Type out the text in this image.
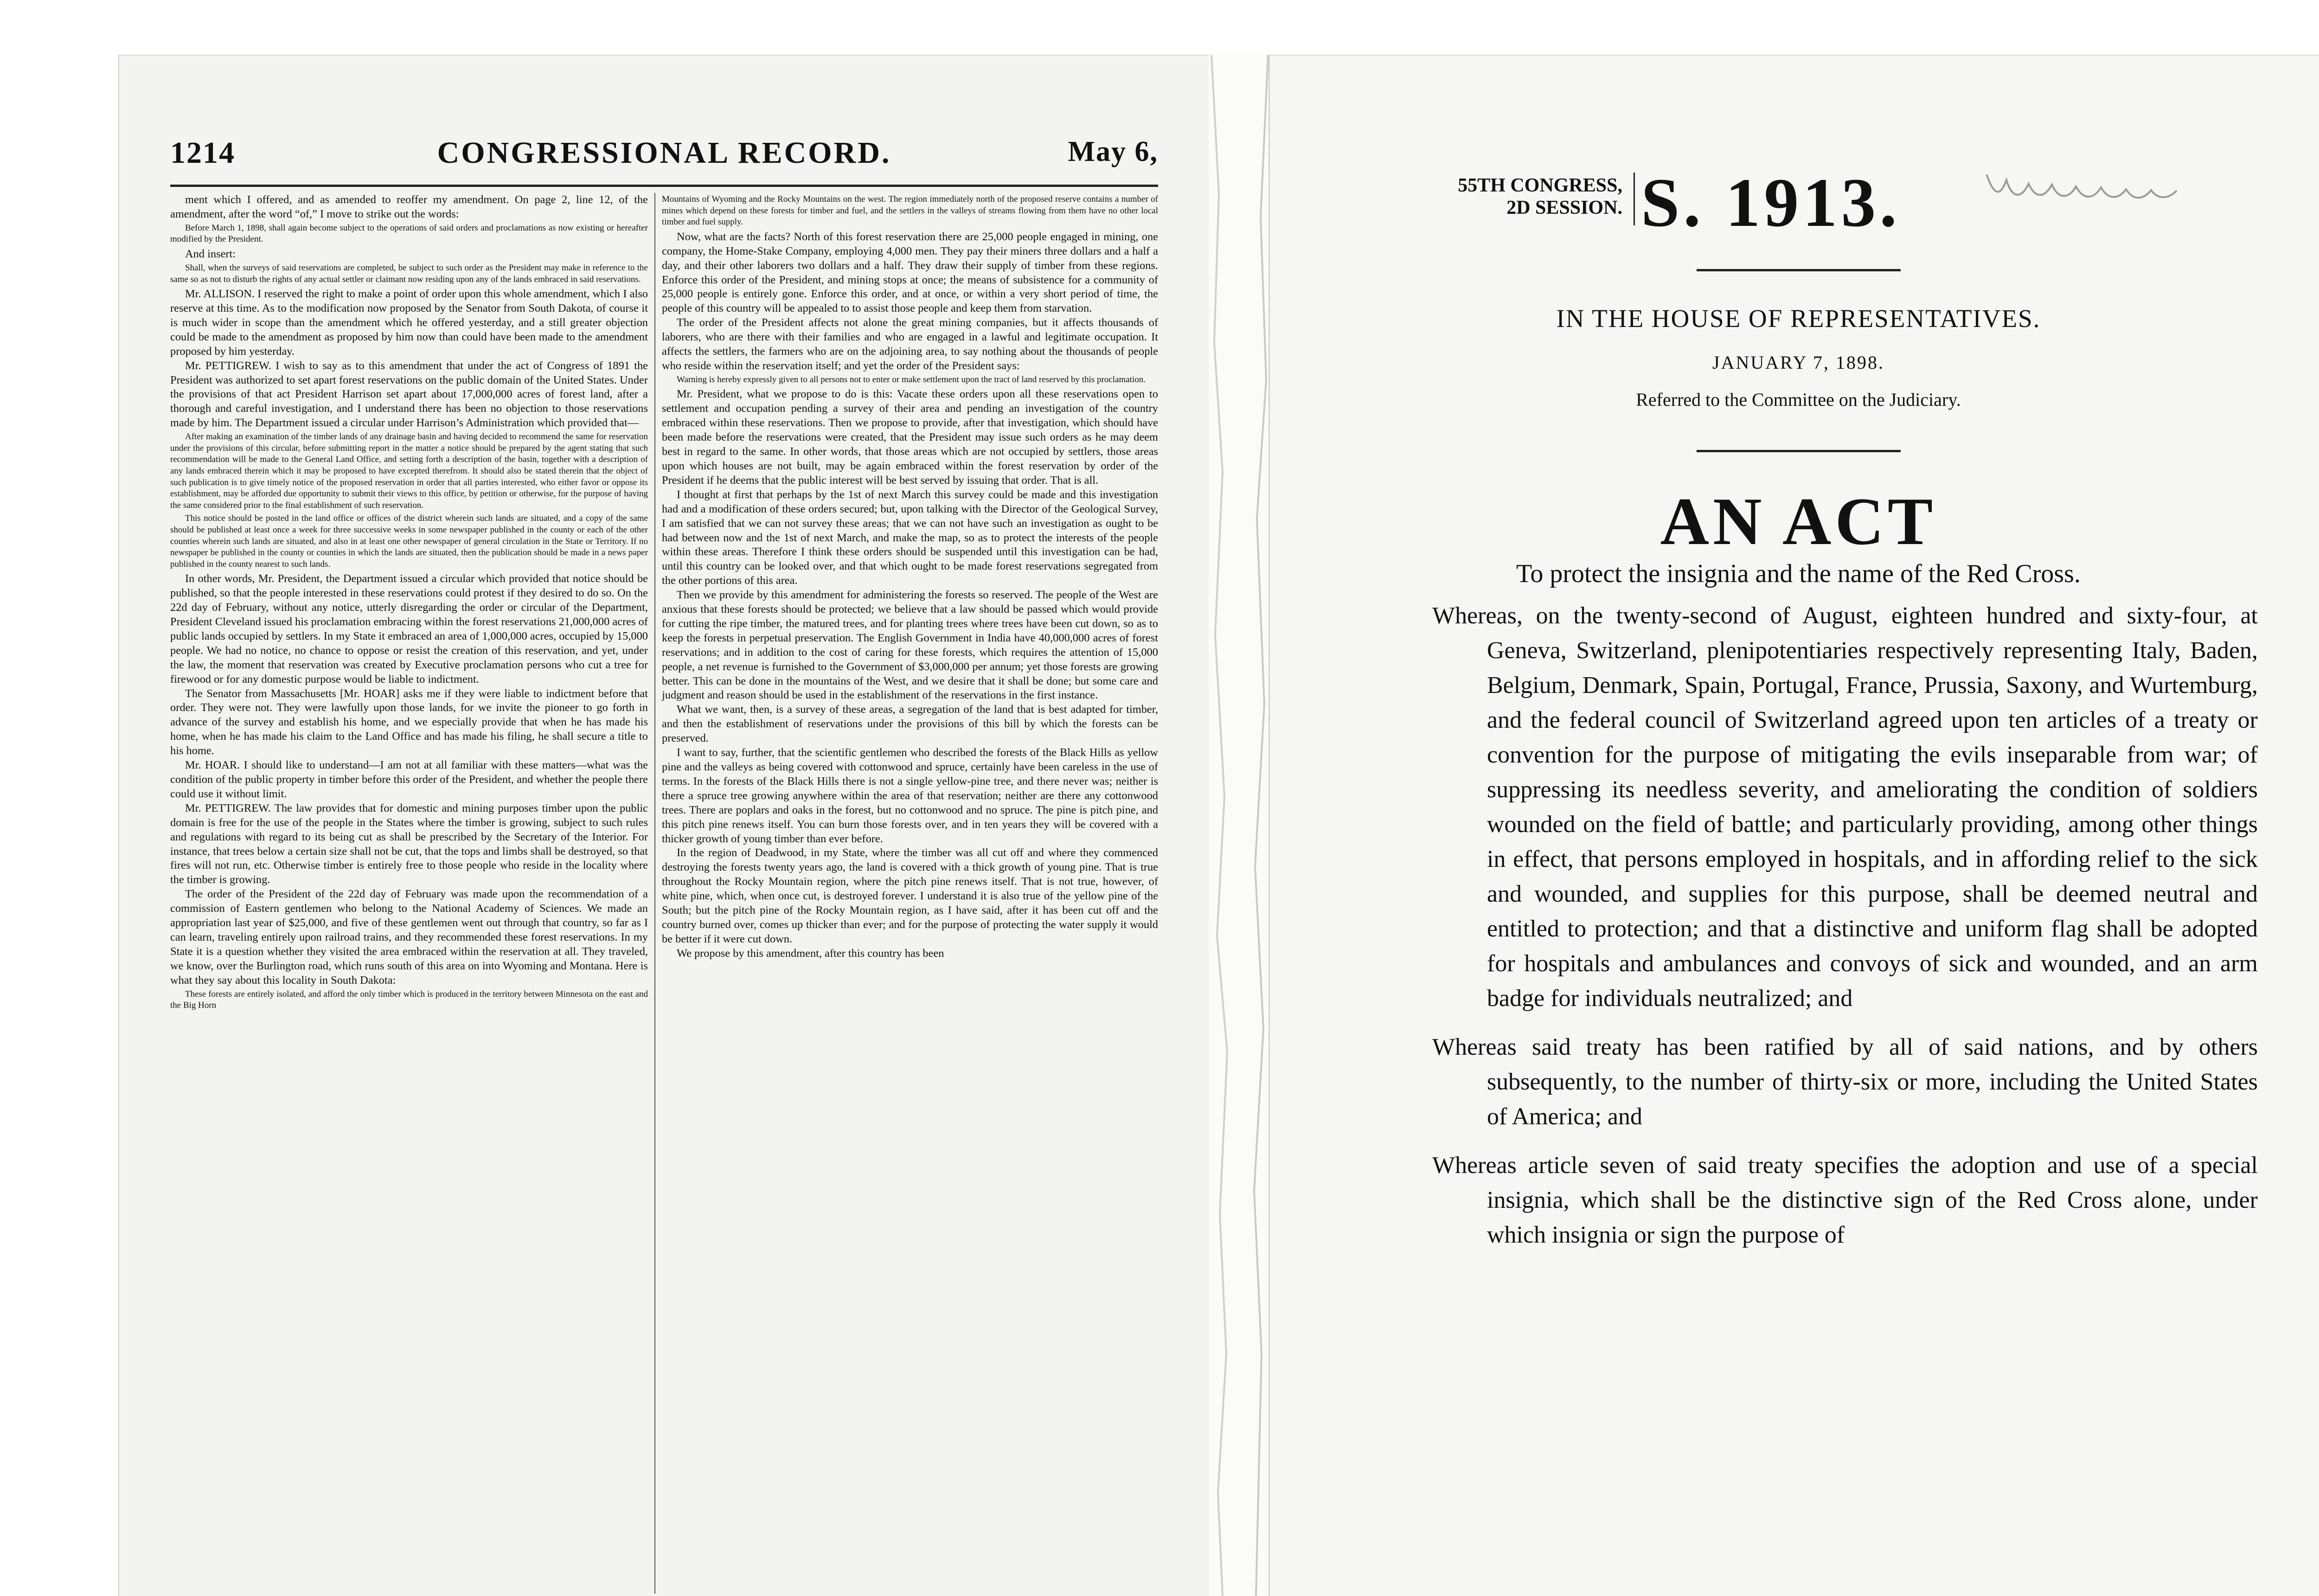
1214	CONGRESSIONAL RECORD.	May 6,

ment which I offered, and as amended to reoffer my amendment. On page 2, line 12, of the amendment, after the word “of,” I move to strike out the words:

Before March 1, 1898, shall again become subject to the operations of said orders and proclamations as now existing or hereafter modified by the President.

And insert:

Shall, when the surveys of said reservations are completed, be subject to such order as the President may make in reference to the same so as not to disturb the rights of any actual settler or claimant now residing upon any of the lands embraced in said reservations.

Mr. ALLISON. I reserved the right to make a point of order upon this whole amendment, which I also reserve at this time. As to the modification now proposed by the Senator from South Dakota, of course it is much wider in scope than the amendment which he offered yesterday, and a still greater objection could be made to the amendment as proposed by him now than could have been made to the amendment proposed by him yesterday.

Mr. PETTIGREW. I wish to say as to this amendment that under the act of Congress of 1891 the President was authorized to set apart forest reservations on the public domain of the United States. Under the provisions of that act President Harrison set apart about 17,000,000 acres of forest land, after a thorough and careful investigation, and I understand there has been no objection to those reservations made by him. The Department issued a circular under Harrison’s Administration which provided that—

After making an examination of the timber lands of any drainage basin and having decided to recommend the same for reservation under the provisions of this circular, before submitting report in the matter a notice should be prepared by the agent stating that such recommendation will be made to the General Land Office, and setting forth a description of the basin, together with a description of any lands embraced therein which it may be proposed to have excepted therefrom. It should also be stated therein that the object of such publication is to give timely notice of the proposed reservation in order that all parties interested, who either favor or oppose its establishment, may be afforded due opportunity to submit their views to this office, by petition or otherwise, for the purpose of having the same considered prior to the final establishment of such reservation.

This notice should be posted in the land office or offices of the district wherein such lands are situated, and a copy of the same should be published at least once a week for three successive weeks in some newspaper published in the county or each of the other counties wherein such lands are situated, and also in at least one other newspaper of general circulation in the State or Territory. If no newspaper be published in the county or counties in which the lands are situated, then the publication should be made in a news paper published in the county nearest to such lands.

In other words, Mr. President, the Department issued a circular which provided that notice should be published, so that the people interested in these reservations could protest if they desired to do so. On the 22d day of February, without any notice, utterly disregarding the order or circular of the Department, President Cleveland issued his proclamation embracing within the forest reservations 21,000,000 acres of public lands occupied by settlers. In my State it embraced an area of 1,000,000 acres, occupied by 15,000 people. We had no notice, no chance to oppose or resist the creation of this reservation, and yet, under the law, the moment that reservation was created by Executive proclamation persons who cut a tree for firewood or for any domestic purpose would be liable to indictment.

The Senator from Massachusetts [Mr. HOAR] asks me if they were liable to indictment before that order. They were not. They were lawfully upon those lands, for we invite the pioneer to go forth in advance of the survey and establish his home, and we especially provide that when he has made his home, when he has made his claim to the Land Office and has made his filing, he shall secure a title to his home.

Mr. HOAR. I should like to understand—I am not at all familiar with these matters—what was the condition of the public property in timber before this order of the President, and whether the people there could use it without limit.

Mr. PETTIGREW. The law provides that for domestic and mining purposes timber upon the public domain is free for the use of the people in the States where the timber is growing, subject to such rules and regulations with regard to its being cut as shall be prescribed by the Secretary of the Interior. For instance, that trees below a certain size shall not be cut, that the tops and limbs shall be destroyed, so that fires will not run, etc. Otherwise timber is entirely free to those people who reside in the locality where the timber is growing.

The order of the President of the 22d day of February was made upon the recommendation of a commission of Eastern gentlemen who belong to the National Academy of Sciences. We made an appropriation last year of $25,000, and five of these gentlemen went out through that country, so far as I can learn, traveling entirely upon railroad trains, and they recommended these forest reservations. In my State it is a question whether they visited the area embraced within the reservation at all. They traveled, we know, over the Burlington road, which runs south of this area on into Wyoming and Montana. Here is what they say about this locality in South Dakota:

These forests are entirely isolated, and afford the only timber which is produced in the territory between Minnesota on the east and the Big Horn

Mountains of Wyoming and the Rocky Mountains on the west. The region immediately north of the proposed reserve contains a number of mines which depend on these forests for timber and fuel, and the settlers in the valleys of streams flowing from them have no other local timber and fuel supply.

Now, what are the facts? North of this forest reservation there are 25,000 people engaged in mining, one company, the Home-Stake Company, employing 4,000 men. They pay their miners three dollars and a half a day, and their other laborers two dollars and a half. They draw their supply of timber from these regions. Enforce this order of the President, and mining stops at once; the means of subsistence for a community of 25,000 people is entirely gone. Enforce this order, and at once, or within a very short period of time, the people of this country will be appealed to to assist those people and keep them from starvation.

The order of the President affects not alone the great mining companies, but it affects thousands of laborers, who are there with their families and who are engaged in a lawful and legitimate occupation. It affects the settlers, the farmers who are on the adjoining area, to say nothing about the thousands of people who reside within the reservation itself; and yet the order of the President says:

Warning is hereby expressly given to all persons not to enter or make settlement upon the tract of land reserved by this proclamation.

Mr. President, what we propose to do is this: Vacate these orders upon all these reservations open to settlement and occupation pending a survey of their area and pending an investigation of the country embraced within these reservations. Then we propose to provide, after that investigation, which should have been made before the reservations were created, that the President may issue such orders as he may deem best in regard to the same. In other words, that those areas which are not occupied by settlers, those areas upon which houses are not built, may be again embraced within the forest reservation by order of the President if he deems that the public interest will be best served by issuing that order. That is all.

I thought at first that perhaps by the 1st of next March this survey could be made and this investigation had and a modification of these orders secured; but, upon talking with the Director of the Geological Survey, I am satisfied that we can not survey these areas; that we can not have such an investigation as ought to be had between now and the 1st of next March, and make the map, so as to protect the interests of the people within these areas. Therefore I think these orders should be suspended until this investigation can be had, until this country can be looked over, and that which ought to be made forest reservations segregated from the other portions of this area.

Then we provide by this amendment for administering the forests so reserved. The people of the West are anxious that these forests should be protected; we believe that a law should be passed which would provide for cutting the ripe timber, the matured trees, and for planting trees where trees have been cut down, so as to keep the forests in perpetual preservation. The English Government in India have 40,000,000 acres of forest reservations; and in addition to the cost of caring for these forests, which requires the attention of 15,000 people, a net revenue is furnished to the Government of $3,000,000 per annum; yet those forests are growing better. This can be done in the mountains of the West, and we desire that it shall be done; but some care and judgment and reason should be used in the establishment of the reservations in the first instance.

What we want, then, is a survey of these areas, a segregation of the land that is best adapted for timber, and then the establishment of reservations under the provisions of this bill by which the forests can be preserved.

I want to say, further, that the scientific gentlemen who described the forests of the Black Hills as yellow pine and the valleys as being covered with cottonwood and spruce, certainly have been careless in the use of terms. In the forests of the Black Hills there is not a single yellow-pine tree, and there never was; neither is there a spruce tree growing anywhere within the area of that reservation; neither are there any cottonwood trees. There are poplars and oaks in the forest, but no cottonwood and no spruce. The pine is pitch pine, and this pitch pine renews itself. You can burn those forests over, and in ten years they will be covered with a thicker growth of young timber than ever before.

In the region of Deadwood, in my State, where the timber was all cut off and where they commenced destroying the forests twenty years ago, the land is covered with a thick growth of young pine. That is true throughout the Rocky Mountain region, where the pitch pine renews itself. That is not true, however, of white pine, which, when once cut, is destroyed forever. I understand it is also true of the yellow pine of the South; but the pitch pine of the Rocky Mountain region, as I have said, after it has been cut off and the country burned over, comes up thicker than ever; and for the purpose of protecting the water supply it would be better if it were cut down.

We propose by this amendment, after this country has been

55TH CONGRESS,
2D SESSION. S. 1913.
IN THE HOUSE OF REPRESENTATIVES.
JANUARY 7, 1898.
Referred to the Committee on the Judiciary.
AN ACT
To protect the insignia and the name of the Red Cross.

Whereas, on the twenty-second of August, eighteen hundred and sixty-four, at Geneva, Switzerland, plenipotentiaries respectively representing Italy, Baden, Belgium, Denmark, Spain, Portugal, France, Prussia, Saxony, and Wurtemburg, and the federal council of Switzerland agreed upon ten articles of a treaty or convention for the purpose of mitigating the evils inseparable from war; of suppressing its needless severity, and ameliorating the condition of soldiers wounded on the field of battle; and particularly providing, among other things in effect, that persons employed in hospitals, and in affording relief to the sick and wounded, and supplies for this purpose, shall be deemed neutral and entitled to protection; and that a distinctive and uniform flag shall be adopted for hospitals and ambulances and convoys of sick and wounded, and an arm badge for individuals neutralized; and

Whereas said treaty has been ratified by all of said nations, and by others subsequently, to the number of thirty-six or more, including the United States of America; and

Whereas article seven of said treaty specifies the adoption and use of a special insignia, which shall be the distinctive sign of the Red Cross alone, under which insignia or sign the purpose of
